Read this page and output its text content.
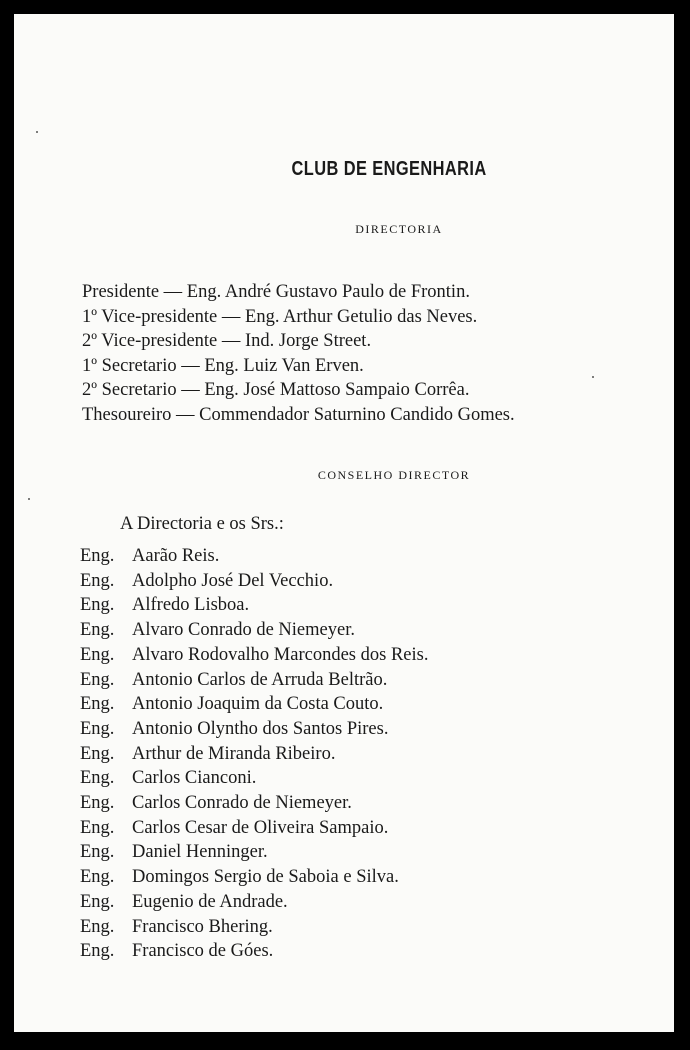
CLUB DE ENGENHARIA
DIRECTORIA
Presidente — Eng. André Gustavo Paulo de Frontin.
1º Vice-presidente — Eng. Arthur Getulio das Neves.
2º Vice-presidente — Ind. Jorge Street.
1º Secretario — Eng. Luiz Van Erven.
2º Secretario — Eng. José Mattoso Sampaio Corrêa.
Thesoureiro — Commendador Saturnino Candido Gomes.
CONSELHO DIRECTOR
A Directoria e os Srs.:
Eng. Aarão Reis.
Eng. Adolpho José Del Vecchio.
Eng. Alfredo Lisboa.
Eng. Alvaro Conrado de Niemeyer.
Eng. Alvaro Rodovalho Marcondes dos Reis.
Eng. Antonio Carlos de Arruda Beltrão.
Eng. Antonio Joaquim da Costa Couto.
Eng. Antonio Olyntho dos Santos Pires.
Eng. Arthur de Miranda Ribeiro.
Eng. Carlos Cianconi.
Eng. Carlos Conrado de Niemeyer.
Eng. Carlos Cesar de Oliveira Sampaio.
Eng. Daniel Henninger.
Eng. Domingos Sergio de Saboia e Silva.
Eng. Eugenio de Andrade.
Eng. Francisco Bhering.
Eng. Francisco de Góes.
